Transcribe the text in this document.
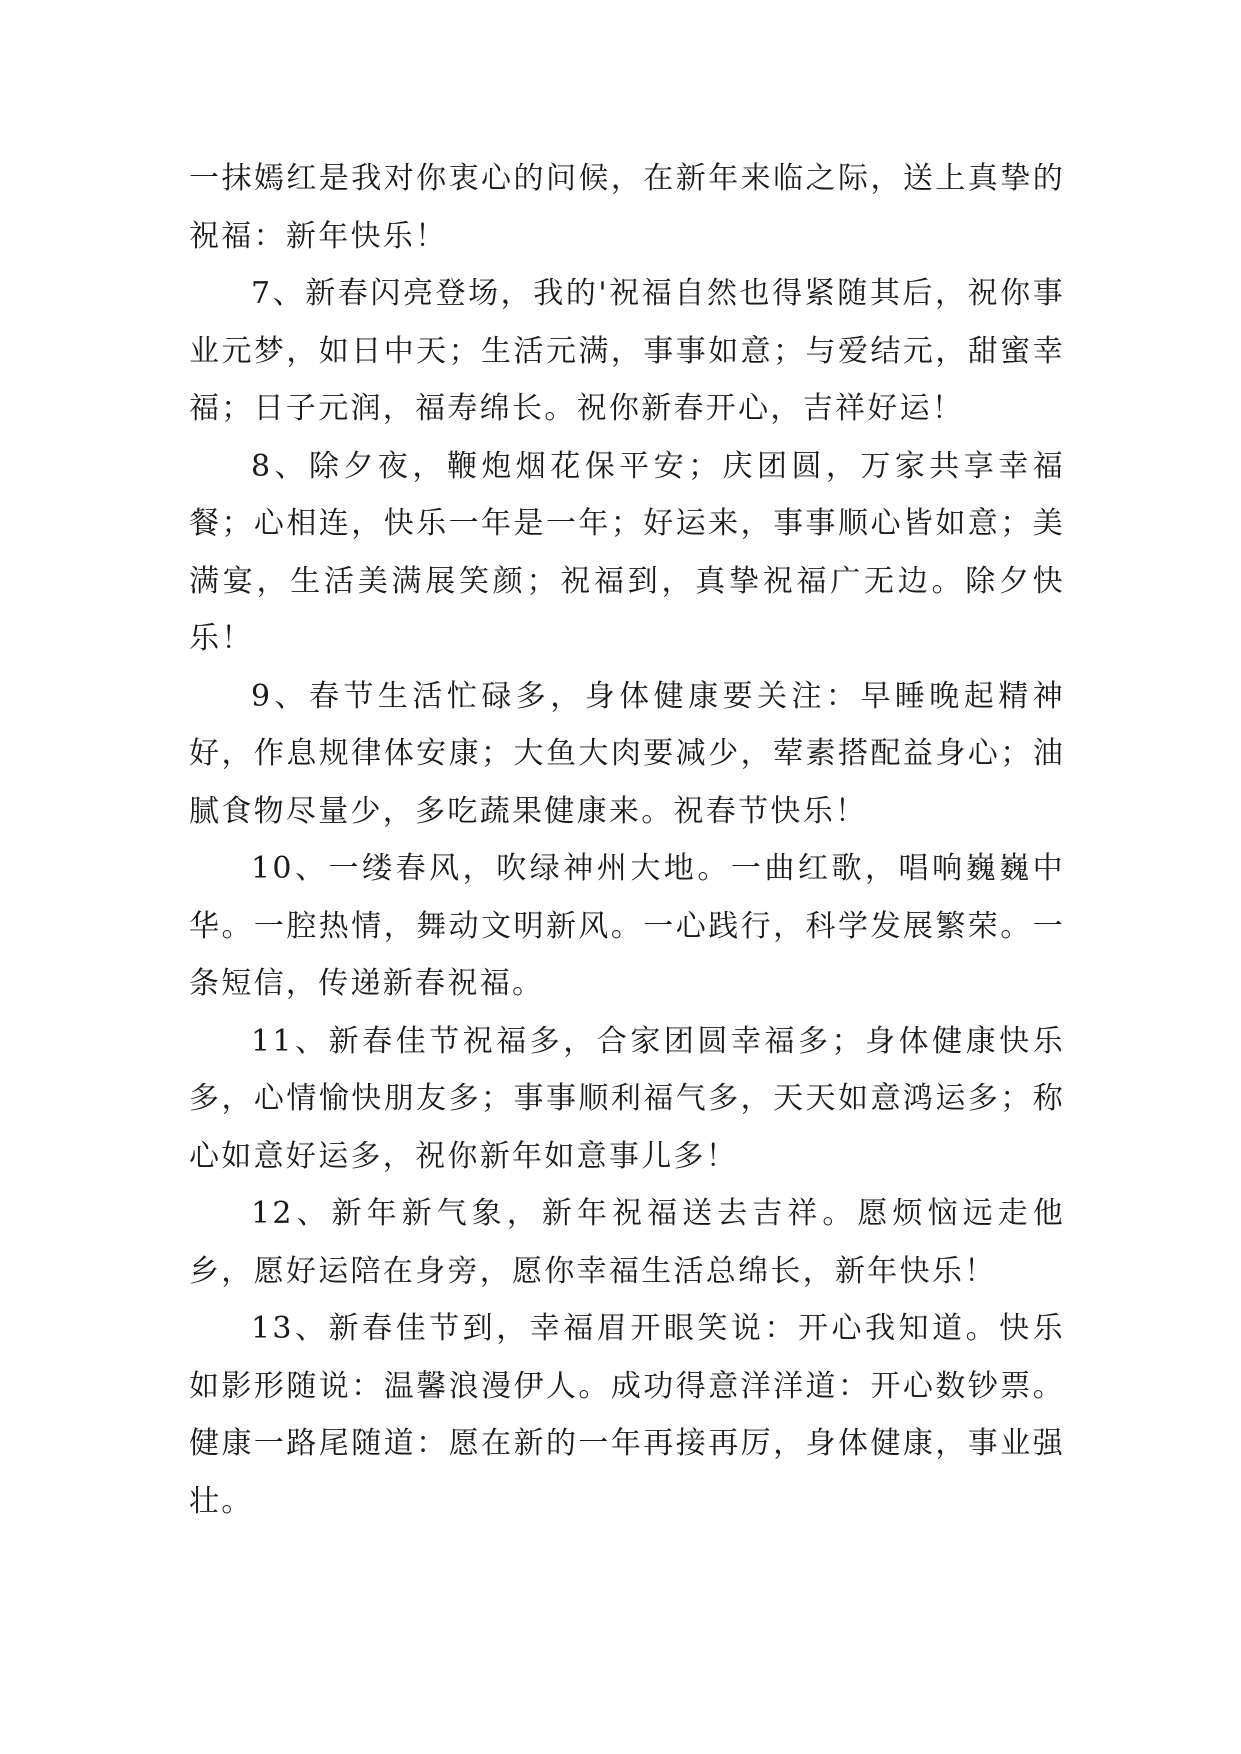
一抹嫣红是我对你衷心的问候，在新年来临之际，送上真挚的祝福：新年快乐！

7、新春闪亮登场，我的'祝福自然也得紧随其后，祝你事业元梦，如日中天；生活元满，事事如意；与爱结元，甜蜜幸福；日子元润，福寿绵长。祝你新春开心，吉祥好运！

8、除夕夜，鞭炮烟花保平安；庆团圆，万家共享幸福餐；心相连，快乐一年是一年；好运来，事事顺心皆如意；美满宴，生活美满展笑颜；祝福到，真挚祝福广无边。除夕快乐！

9、春节生活忙碌多，身体健康要关注：早睡晚起精神好，作息规律体安康；大鱼大肉要减少，荤素搭配益身心；油腻食物尽量少，多吃蔬果健康来。祝春节快乐！

10、一缕春风，吹绿神州大地。一曲红歌，唱响巍巍中华。一腔热情，舞动文明新风。一心践行，科学发展繁荣。一条短信，传递新春祝福。

11、新春佳节祝福多，合家团圆幸福多；身体健康快乐多，心情愉快朋友多；事事顺利福气多，天天如意鸿运多；称心如意好运多，祝你新年如意事儿多！

12、新年新气象，新年祝福送去吉祥。愿烦恼远走他乡，愿好运陪在身旁，愿你幸福生活总绵长，新年快乐！

13、新春佳节到，幸福眉开眼笑说：开心我知道。快乐如影形随说：温馨浪漫伊人。成功得意洋洋道：开心数钞票。健康一路尾随道：愿在新的一年再接再厉，身体健康，事业强壮。
